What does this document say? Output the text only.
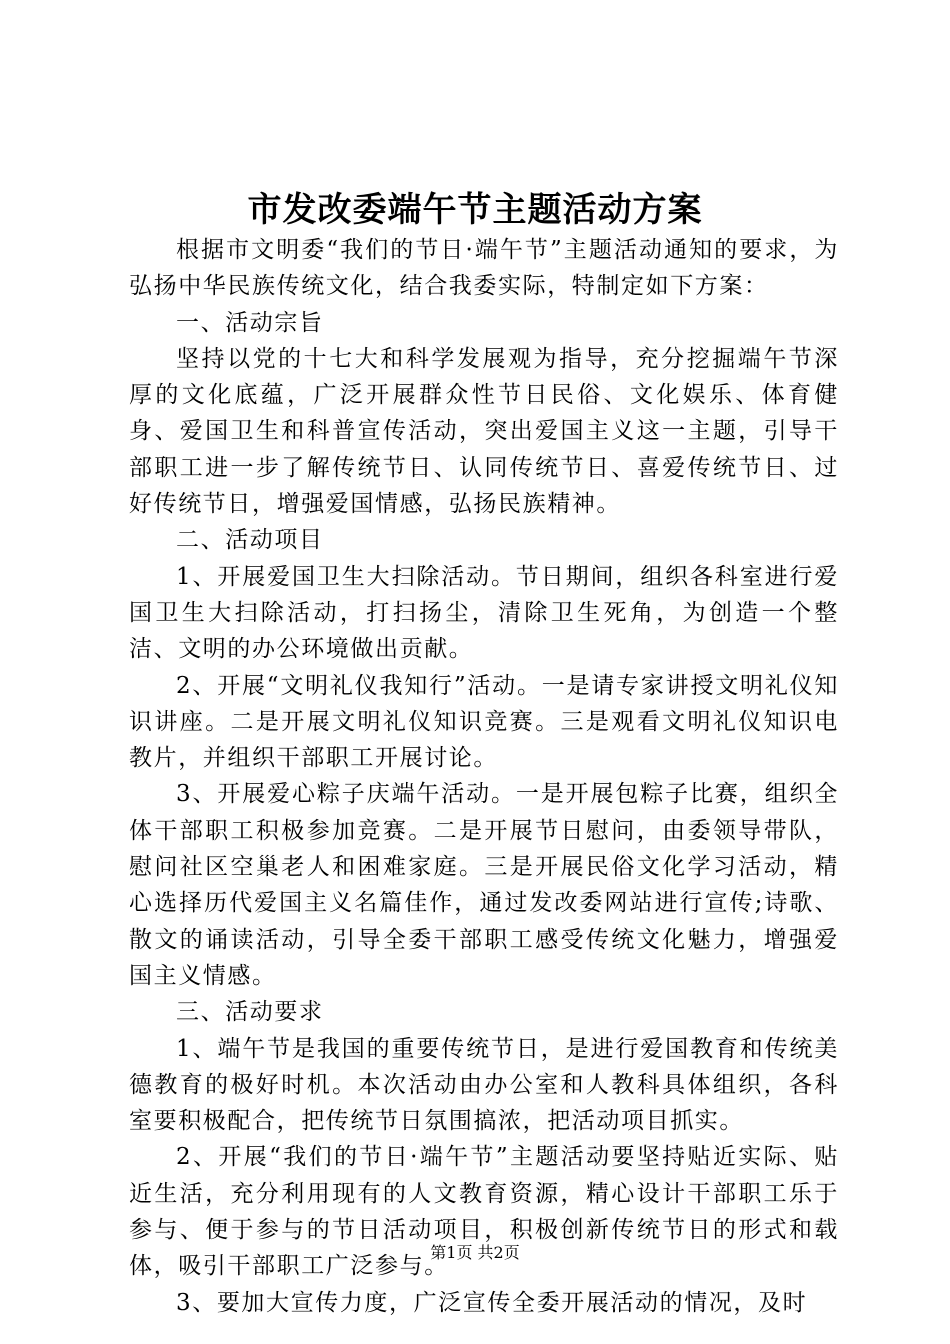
市发改委端午节主题活动方案

根据市文明委“我们的节日·端午节”主题活动通知的要求，为弘扬中华民族传统文化，结合我委实际，特制定如下方案：

一、活动宗旨

坚持以党的十七大和科学发展观为指导，充分挖掘端午节深厚的文化底蕴，广泛开展群众性节日民俗、文化娱乐、体育健身、爱国卫生和科普宣传活动，突出爱国主义这一主题，引导干部职工进一步了解传统节日、认同传统节日、喜爱传统节日、过好传统节日，增强爱国情感，弘扬民族精神。

二、活动项目

1、开展爱国卫生大扫除活动。节日期间，组织各科室进行爱国卫生大扫除活动，打扫扬尘，清除卫生死角，为创造一个整洁、文明的办公环境做出贡献。

2、开展“文明礼仪我知行”活动。一是请专家讲授文明礼仪知识讲座。二是开展文明礼仪知识竞赛。三是观看文明礼仪知识电教片，并组织干部职工开展讨论。

3、开展爱心粽子庆端午活动。一是开展包粽子比赛，组织全体干部职工积极参加竞赛。二是开展节日慰问，由委领导带队，慰问社区空巢老人和困难家庭。三是开展民俗文化学习活动，精心选择历代爱国主义名篇佳作，通过发改委网站进行宣传;诗歌、散文的诵读活动，引导全委干部职工感受传统文化魅力，增强爱国主义情感。

三、活动要求

1、端午节是我国的重要传统节日，是进行爱国教育和传统美德教育的极好时机。本次活动由办公室和人教科具体组织，各科室要积极配合，把传统节日氛围搞浓，把活动项目抓实。

2、开展“我们的节日·端午节”主题活动要坚持贴近实际、贴近生活，充分利用现有的人文教育资源，精心设计干部职工乐于参与、便于参与的节日活动项目，积极创新传统节日的形式和载体，吸引干部职工广泛参与。

3、要加大宣传力度，广泛宣传全委开展活动的情况，及时

第1页 共2页
